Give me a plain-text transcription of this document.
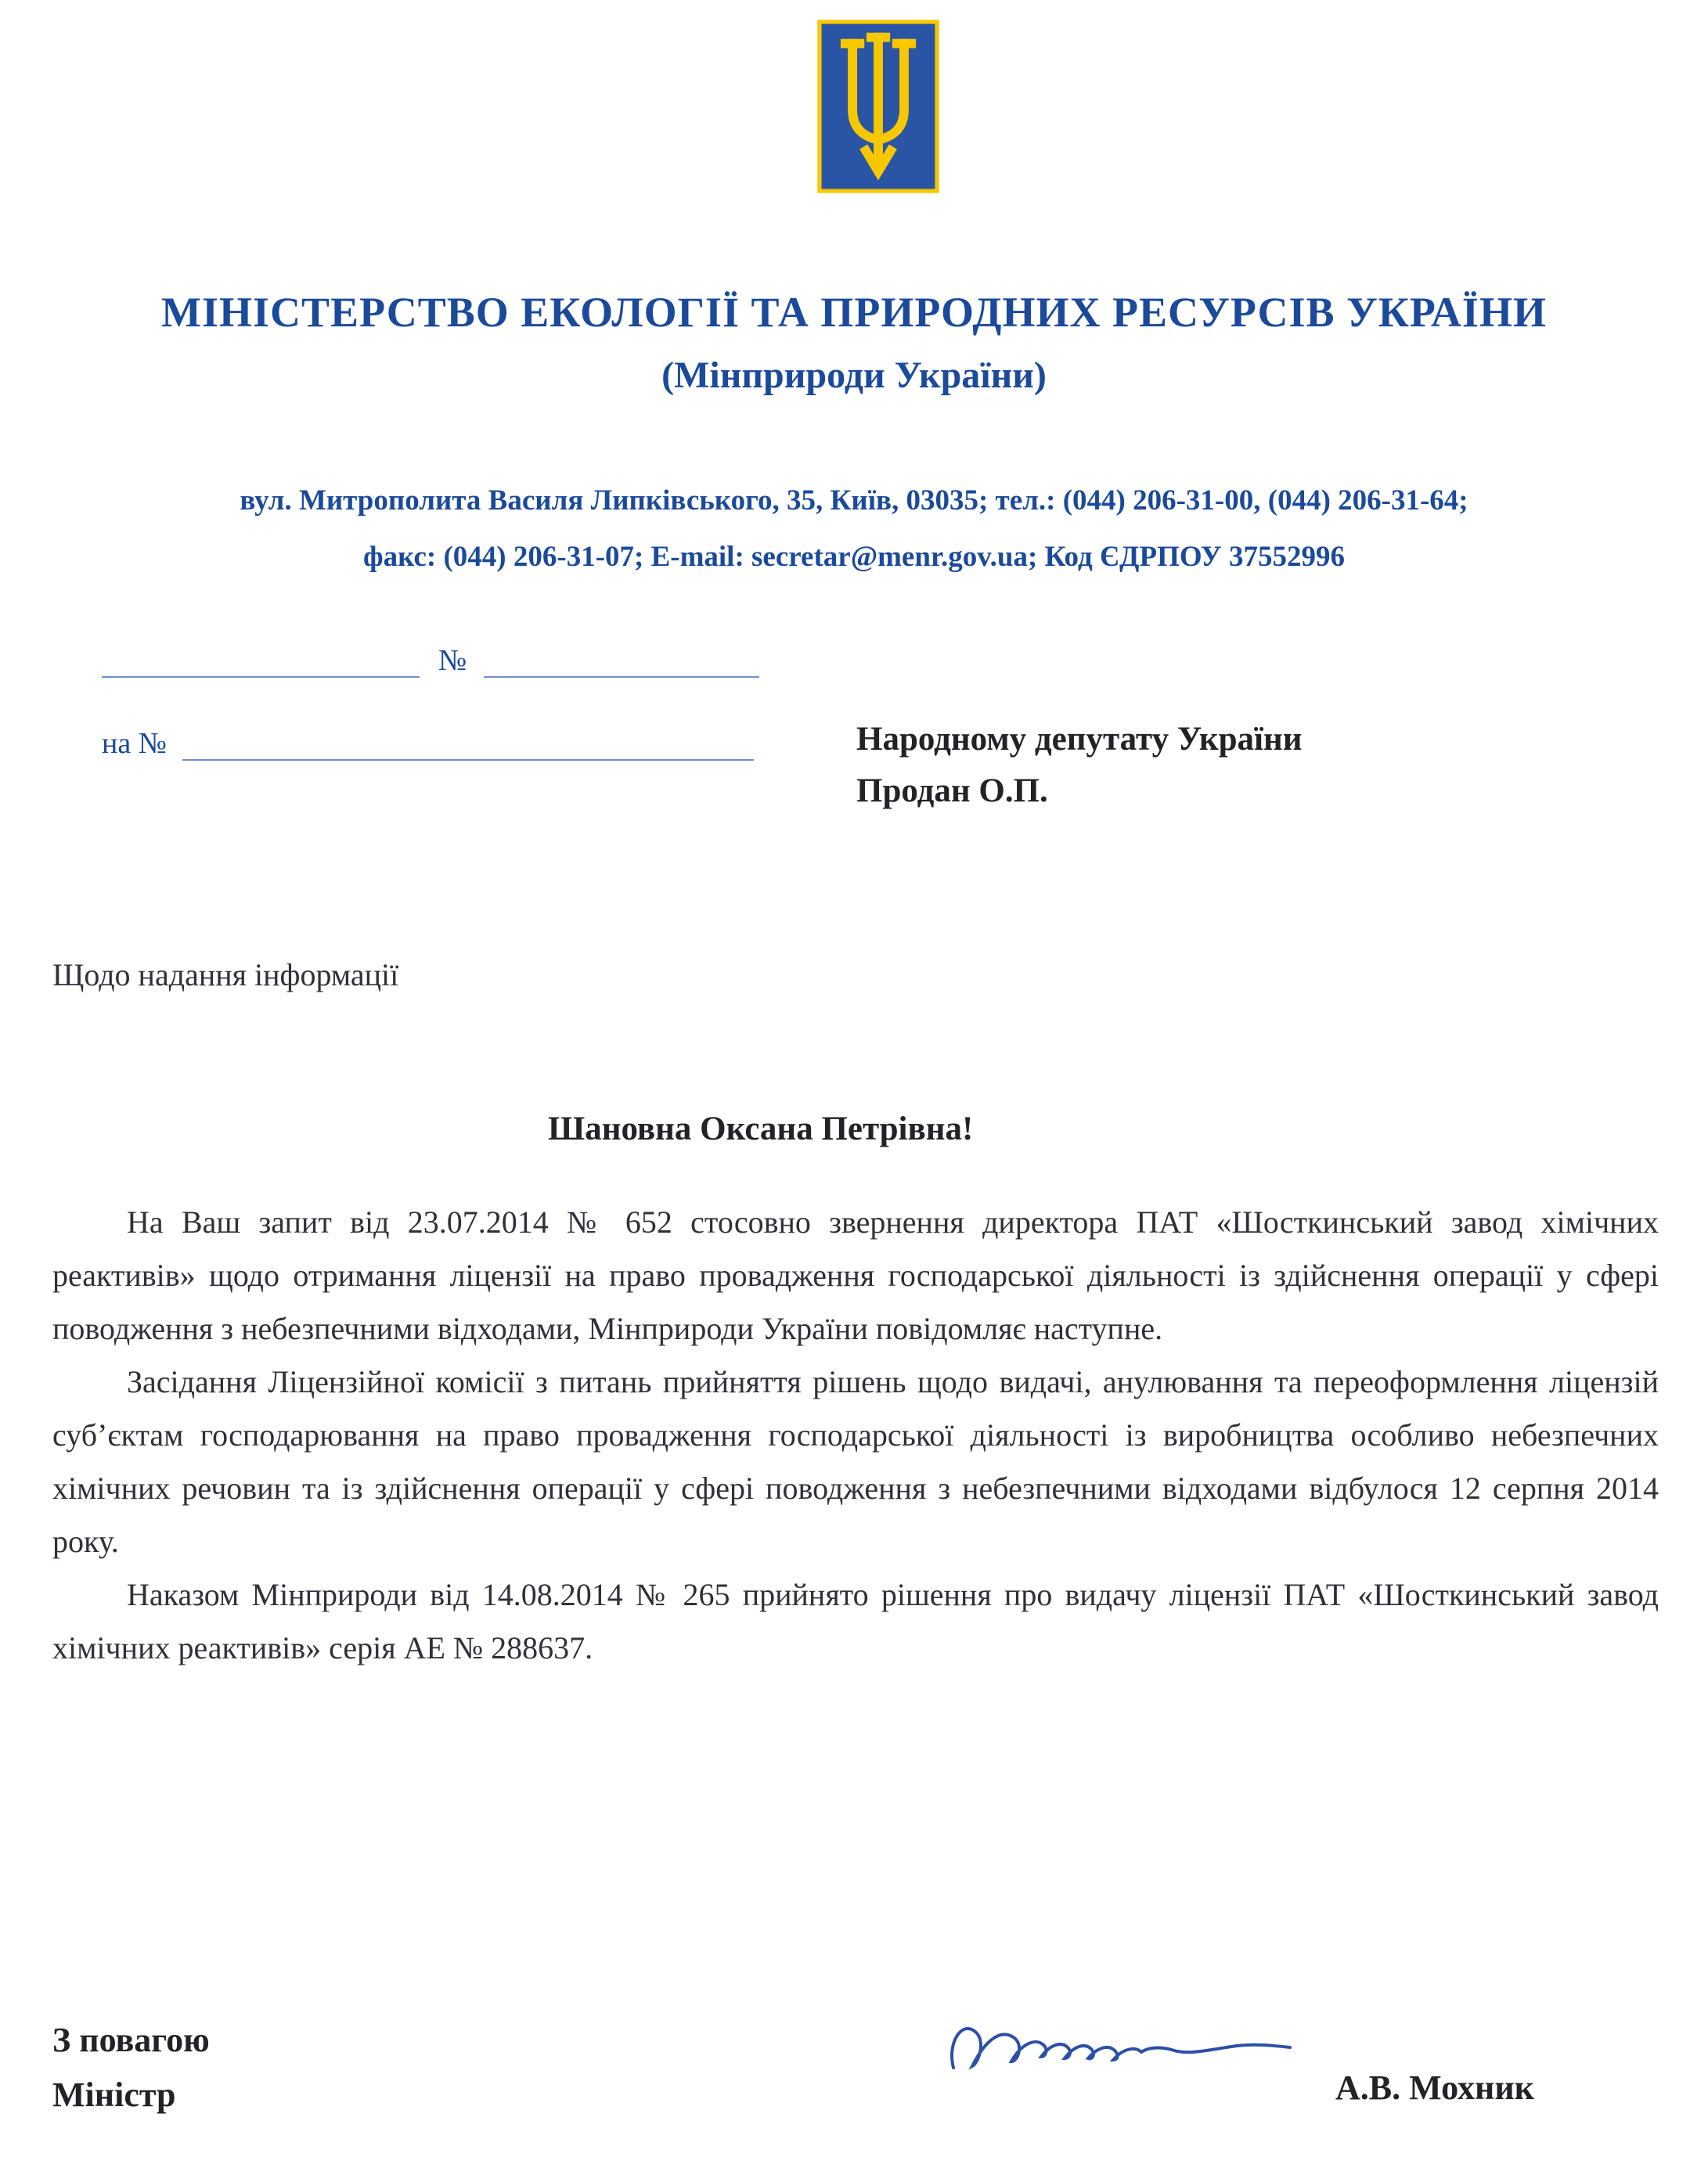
МІНІСТЕРСТВО ЕКОЛОГІЇ ТА ПРИРОДНИХ РЕСУРСІВ УКРАЇНИ
(Мінприроди України)
вул. Митрополита Василя Липківського, 35, Київ, 03035; тел.: (044) 206-31-00, (044) 206-31-64;
факс: (044) 206-31-07; E-mail: secretar@menr.gov.ua; Код ЄДРПОУ 37552996
№
на №	Народному депутату України
Продан О.П.
Щодо надання інформації
Шановна Оксана Петрівна!

На Ваш запит від 23.07.2014 № 652 стосовно звернення директора ПАТ «Шосткинський завод хімічних реактивів» щодо отримання ліцензії на право провадження господарської діяльності із здійснення операції у сфері поводження з небезпечними відходами, Мінприроди України повідомляє наступне.

Засідання Ліцензійної комісії з питань прийняття рішень щодо видачі, анулювання та переоформлення ліцензій суб’єктам господарювання на право провадження господарської діяльності із виробництва особливо небезпечних хімічних речовин та із здійснення операції у сфері поводження з небезпечними відходами відбулося 12 серпня 2014 року.

Наказом Мінприроди від 14.08.2014 № 265 прийнято рішення про видачу ліцензії ПАТ «Шосткинський завод хімічних реактивів» серія АЕ № 288637.

З повагою
Міністр	А.В. Мохник
